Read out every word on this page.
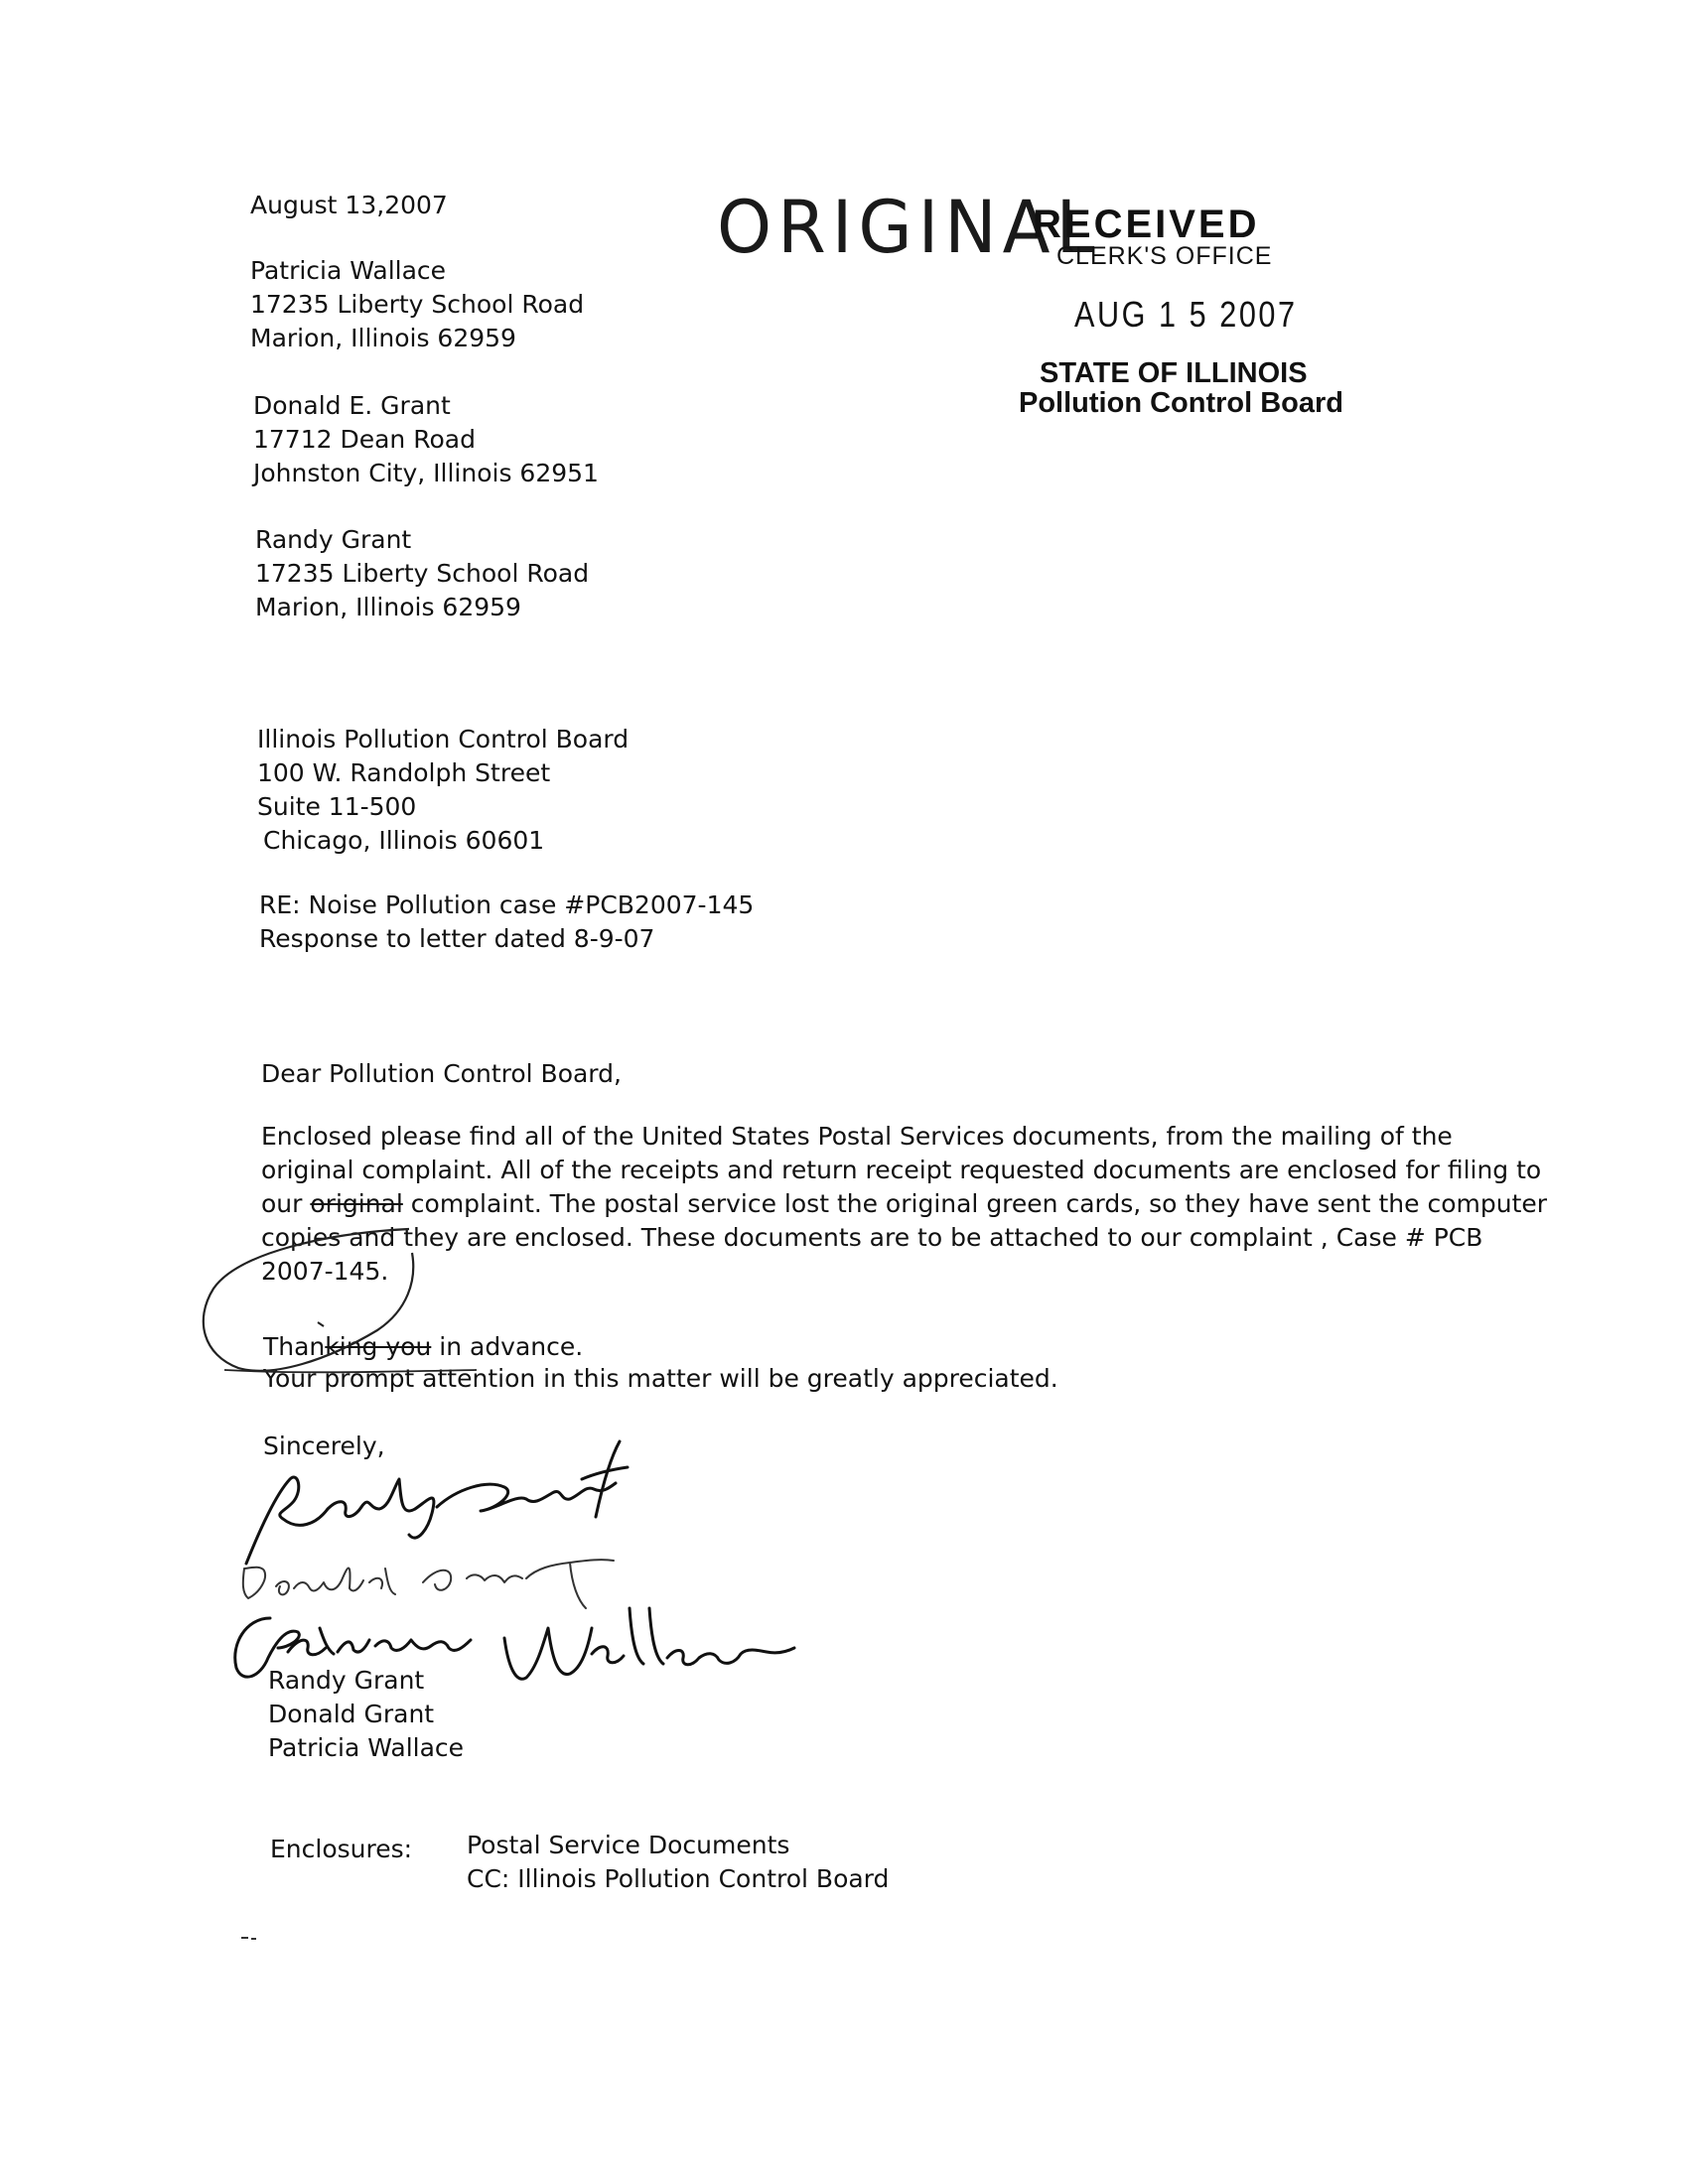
August 13,2007	ORIGINAL
RECEIVED
CLERK'S OFFICE
AUG 1 5 2007
STATE OF ILLINOIS
Pollution Control Board
Patricia Wallace
17235 Liberty School Road
Marion, Illinois 62959
Donald E. Grant
17712 Dean Road
Johnston City, Illinois 62951
Randy Grant
17235 Liberty School Road
Marion, Illinois 62959
Illinois Pollution Control Board
100 W. Randolph Street
Suite 11-500
Chicago, Illinois 60601
RE: Noise Pollution case #PCB2007-145
Response to letter dated 8-9-07
Dear Pollution Control Board,
Enclosed please find all of the United States Postal Services documents, from the mailing of the
original complaint. All of the receipts and return receipt requested documents are enclosed for filing to
our original complaint. The postal service lost the original green cards, so they have sent the computer
copies and they are enclosed. These documents are to be attached to our complaint , Case # PCB
2007-145.
Thanking you in advance.
Your prompt attention in this matter will be greatly appreciated.
Sincerely,
Randy Grant
Donald Grant
Patricia Wallace
Enclosures: Postal Service Documents
CC: Illinois Pollution Control Board
